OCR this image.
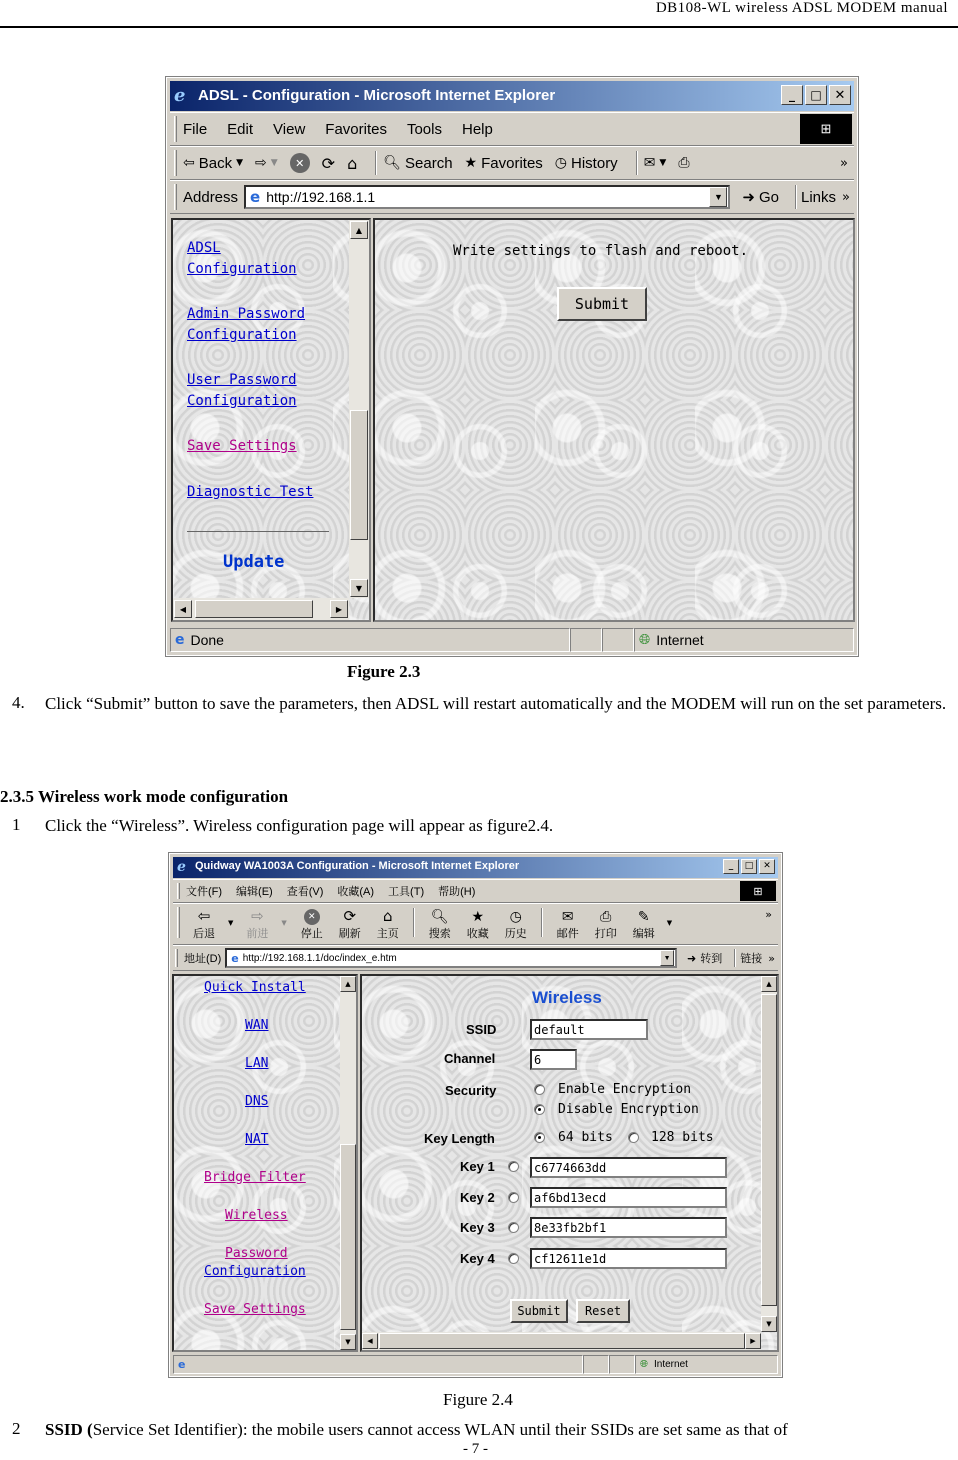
DB108-WL wireless ADSL MODEM manual
e ADSL - Configuration - Microsoft Internet Explorer	_	□ ✕
File Edit View Favorites Tools Help	⊞
⇦ Back ▼ ⇨ ▼	✕	⟳ ⌂ 🔍︎ Search ★ Favorites ◷ History ✉ ▼ ⎙	»
Address e http://192.168.1.1	▼	➜ Go Links »
ADSL
Configuration
Admin Password
Configuration
User Password
Configuration
Save Settings
Diagnostic Test
Update
▲
▼
◀	▶
Write settings to flash and reboot.
Submit
e Done	🌐︎ Internet
Figure 2.3
4. Click “Submit” button to save the parameters, then ADSL will restart automatically and the MODEM will run on the set parameters.
2.3.5 Wireless work mode configuration
1 Click the “Wireless”. Wireless configuration page will appear as figure2.4.
e Quidway WA1003A Configuration - Microsoft Internet Explorer	_	□	✕
文件(F) 编辑(E) 查看(V) 收藏(A) 工具(T) 帮助(H)	⊞
⇦
后退
▼ ⇨
前进
▼
✕
停止
⟳
刷新
⌂
主页
🔍︎
搜索
★
收藏
◷
历史
✉
邮件
⎙
打印
✎
编辑
▼
»
地址(D) e http://192.168.1.1/doc/index_e.htm	▼	➜ 转到 链接 »
Quick Install
WAN
LAN
DNS
NAT
Bridge Filter
Wireless
Password
Configuration
Save Settings
▲
▼
Wireless
SSID	default
Channel	6
Security	Enable Encryption
Disable Encryption
Key Length	64 bits	128 bits
Key 1	c6774663dd
Key 2	af6bd13ecd
Key 3	8e33fb2bf1
Key 4	cf12611e1d
Submit	Reset
▲
▼
◀	▶
e	🌐︎ Internet
Figure 2.4
2 SSID (Service Set Identifier): the mobile users cannot access WLAN until their SSIDs are set same as that of
- 7 -
